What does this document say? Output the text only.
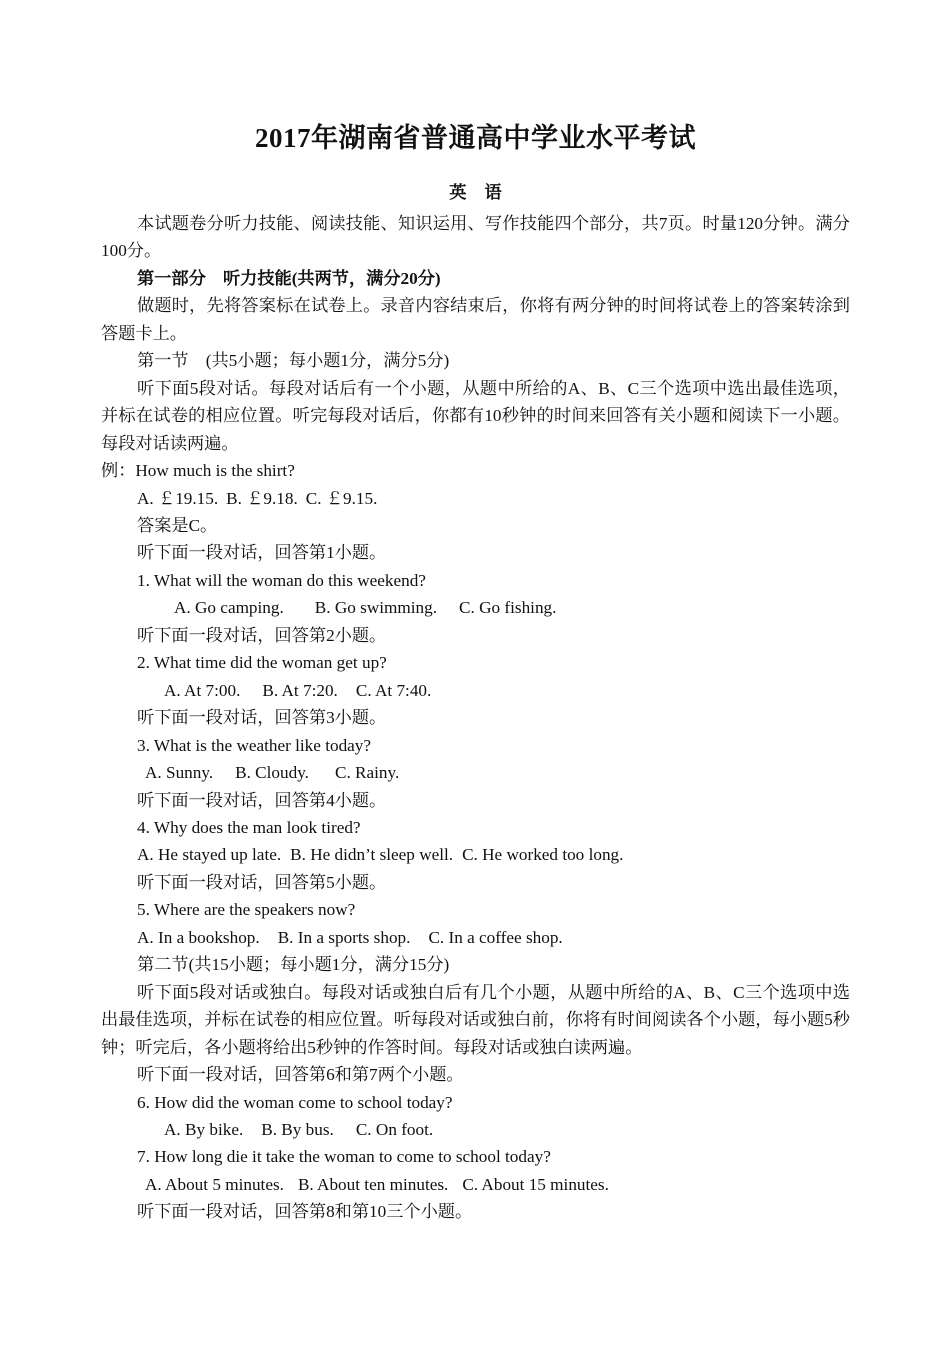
2017年湖南省普通高中学业水平考试
英语
本试题卷分听力技能、阅读技能、知识运用、写作技能四个部分，共7页。时量120分钟。满分100分。
第一部分　听力技能(共两节，满分20分)
做题时，先将答案标在试卷上。录音内容结束后，你将有两分钟的时间将试卷上的答案转涂到答题卡上。
第一节　(共5小题；每小题1分，满分5分)
听下面5段对话。每段对话后有一个小题，从题中所给的A、B、C三个选项中选出最佳选项，并标在试卷的相应位置。听完每段对话后，你都有10秒钟的时间来回答有关小题和阅读下一小题。每段对话读两遍。
例：How much is the shirt?
A. ￡19.15. B. ￡9.18. C. ￡9.15.
答案是C。
听下面一段对话，回答第1小题。
1. What will the woman do this weekend?
A. Go camping. B. Go swimming. C. Go fishing.
听下面一段对话，回答第2小题。
2. What time did the woman get up?
A. At 7:00. B. At 7:20. C. At 7:40.
听下面一段对话，回答第3小题。
3. What is the weather like today?
A. Sunny. B. Cloudy. C. Rainy.
听下面一段对话，回答第4小题。
4. Why does the man look tired?
A. He stayed up late. B. He didn’t sleep well. C. He worked too long.
听下面一段对话，回答第5小题。
5. Where are the speakers now?
A. In a bookshop. B. In a sports shop. C. In a coffee shop.
第二节(共15小题；每小题1分，满分15分)
听下面5段对话或独白。每段对话或独白后有几个小题，从题中所给的A、B、C三个选项中选出最佳选项，并标在试卷的相应位置。听每段对话或独白前，你将有时间阅读各个小题，每小题5秒钟；听完后，各小题将给出5秒钟的作答时间。每段对话或独白读两遍。
听下面一段对话，回答第6和第7两个小题。
6. How did the woman come to school today?
A. By bike. B. By bus. C. On foot.
7. How long die it take the woman to come to school today?
A. About 5 minutes. B. About ten minutes. C. About 15 minutes.
听下面一段对话，回答第8和第10三个小题。
